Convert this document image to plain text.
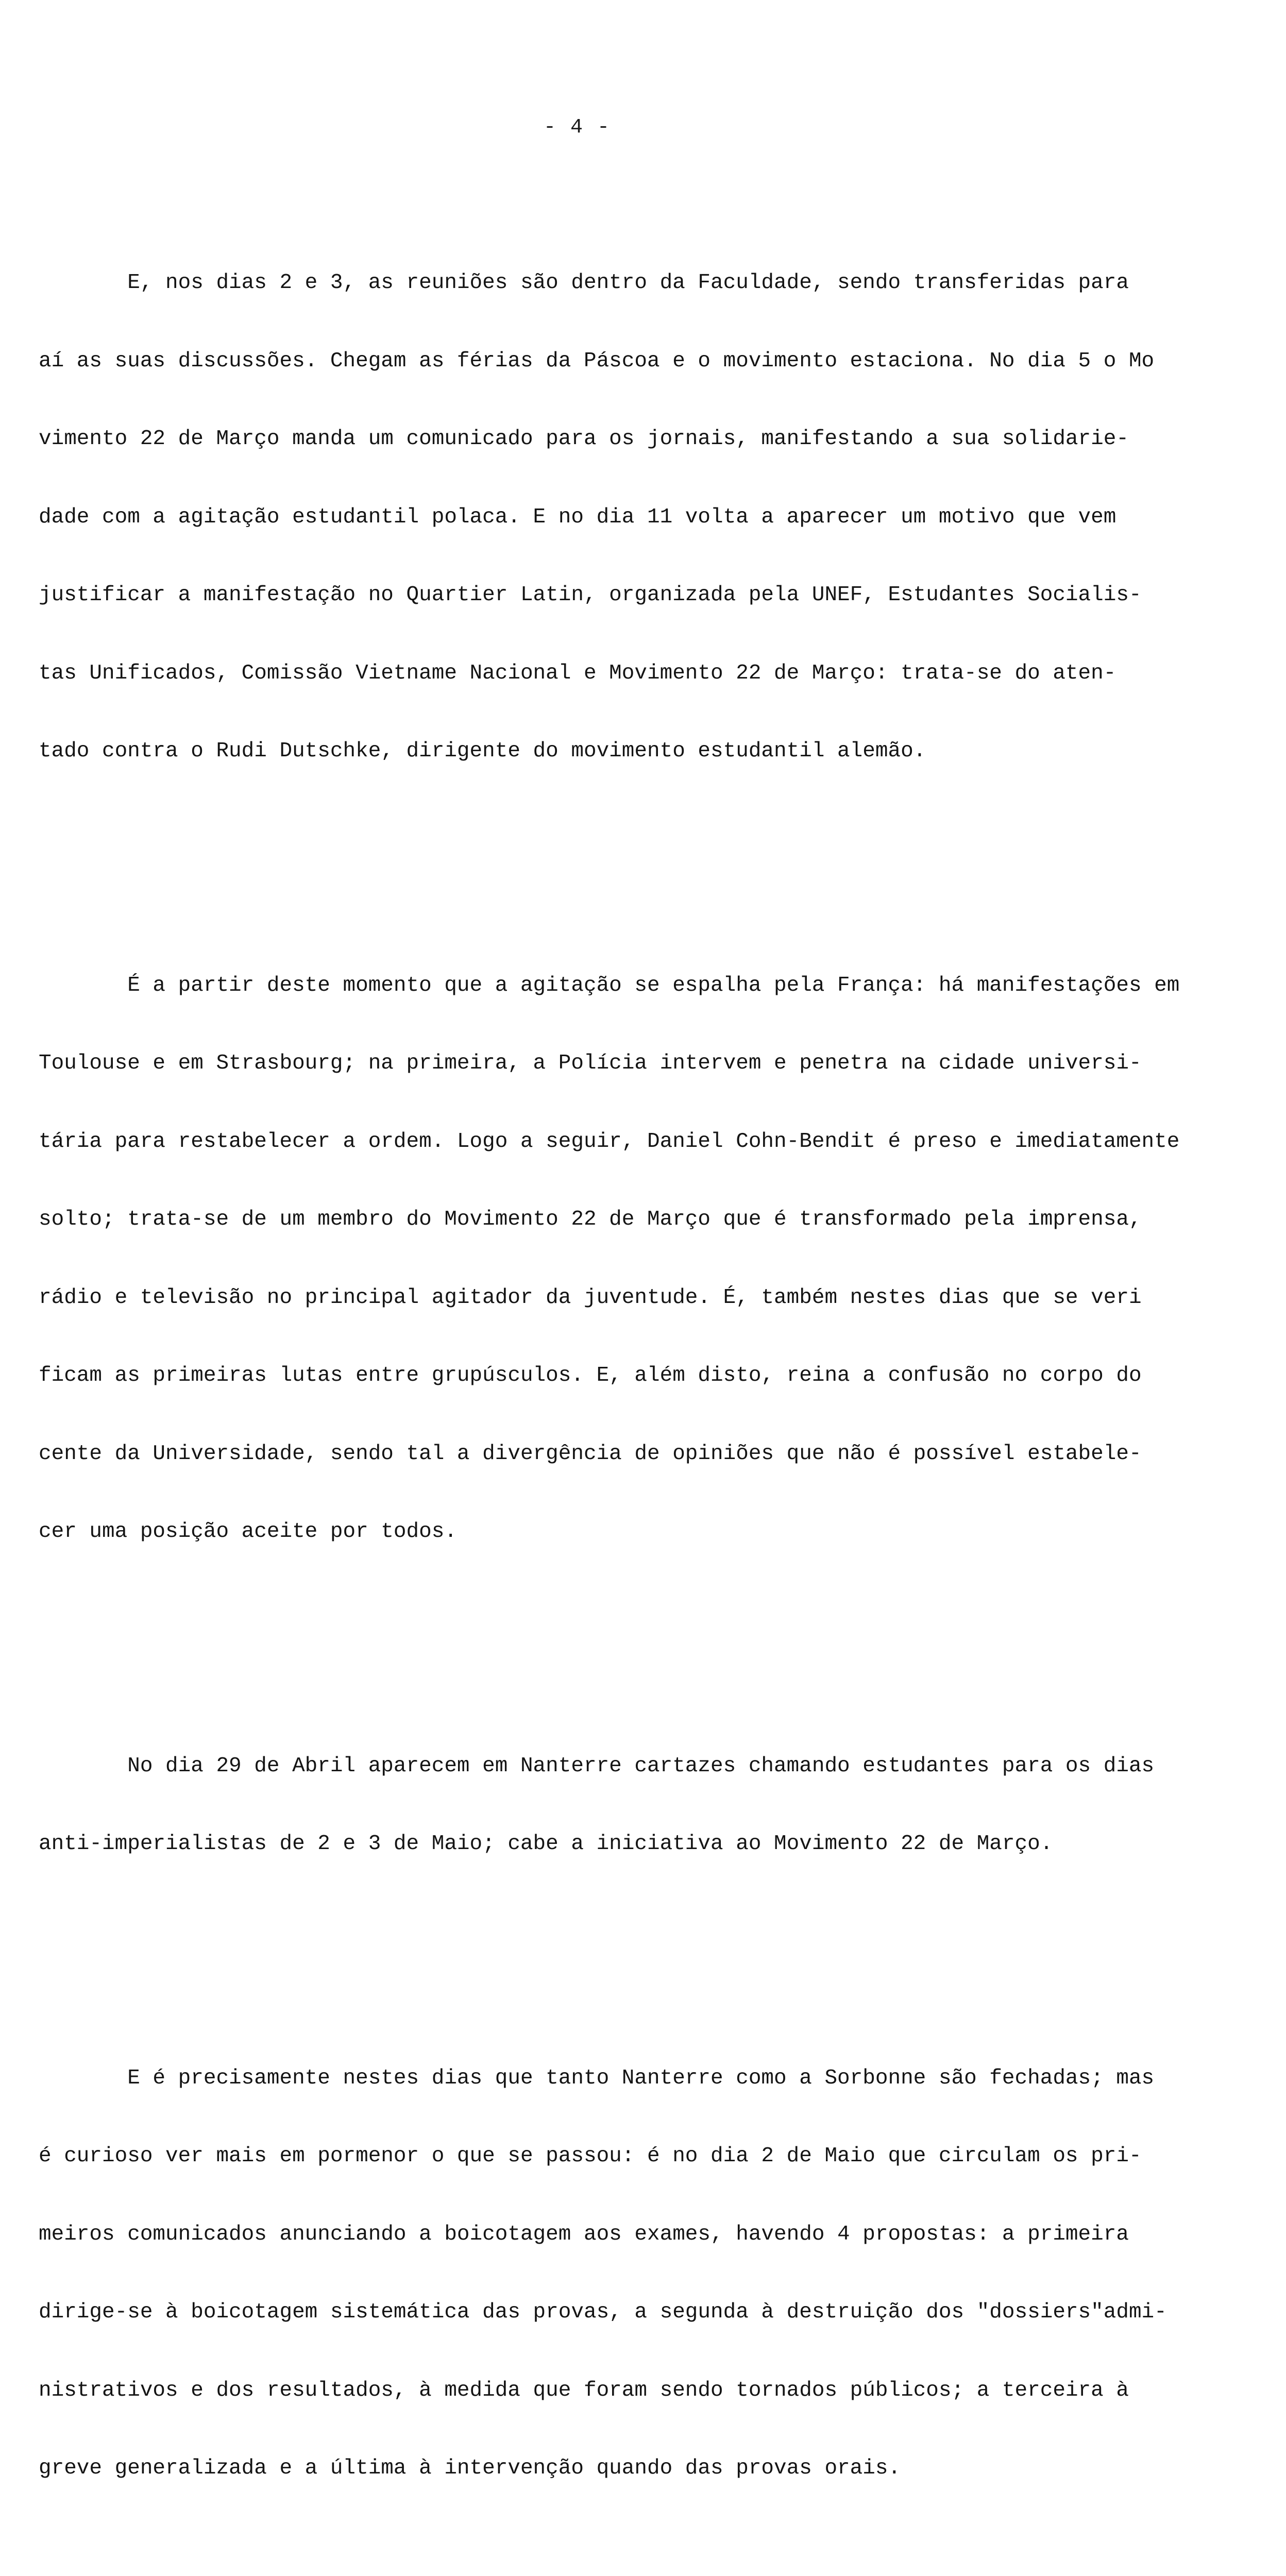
- 4 -

E, nos dias 2 e 3, as reuniões são dentro da Faculdade, sendo transferidas para

aí as suas discussões. Chegam as férias da Páscoa e o movimento estaciona. No dia 5 o Mo

vimento 22 de Março manda um comunicado para os jornais, manifestando a sua solidarie-

dade com a agitação estudantil polaca. E no dia 11 volta a aparecer um motivo que vem

justificar a manifestação no Quartier Latin, organizada pela UNEF, Estudantes Socialis-

tas Unificados, Comissão Vietname Nacional e Movimento 22 de Março: trata-se do aten-

tado contra o Rudi Dutschke, dirigente do movimento estudantil alemão.

É a partir deste momento que a agitação se espalha pela França: há manifestações em

Toulouse e em Strasbourg; na primeira, a Polícia intervem e penetra na cidade universi-

tária para restabelecer a ordem. Logo a seguir, Daniel Cohn-Bendit é preso e imediatamente

solto; trata-se de um membro do Movimento 22 de Março que é transformado pela imprensa,

rádio e televisão no principal agitador da juventude. É, também nestes dias que se veri

ficam as primeiras lutas entre grupúsculos. E, além disto, reina a confusão no corpo do

cente da Universidade, sendo tal a divergência de opiniões que não é possível estabele-

cer uma posição aceite por todos.

No dia 29 de Abril aparecem em Nanterre cartazes chamando estudantes para os dias

anti-imperialistas de 2 e 3 de Maio; cabe a iniciativa ao Movimento 22 de Março.

E é precisamente nestes dias que tanto Nanterre como a Sorbonne são fechadas; mas

é curioso ver mais em pormenor o que se passou: é no dia 2 de Maio que circulam os pri-

meiros comunicados anunciando a boicotagem aos exames, havendo 4 propostas: a primeira

dirige-se à boicotagem sistemática das provas, a segunda à destruição dos "dossiers"admi-

nistrativos e dos resultados, à medida que foram sendo tornados públicos; a terceira à

greve generalizada e a última à intervenção quando das provas orais.
